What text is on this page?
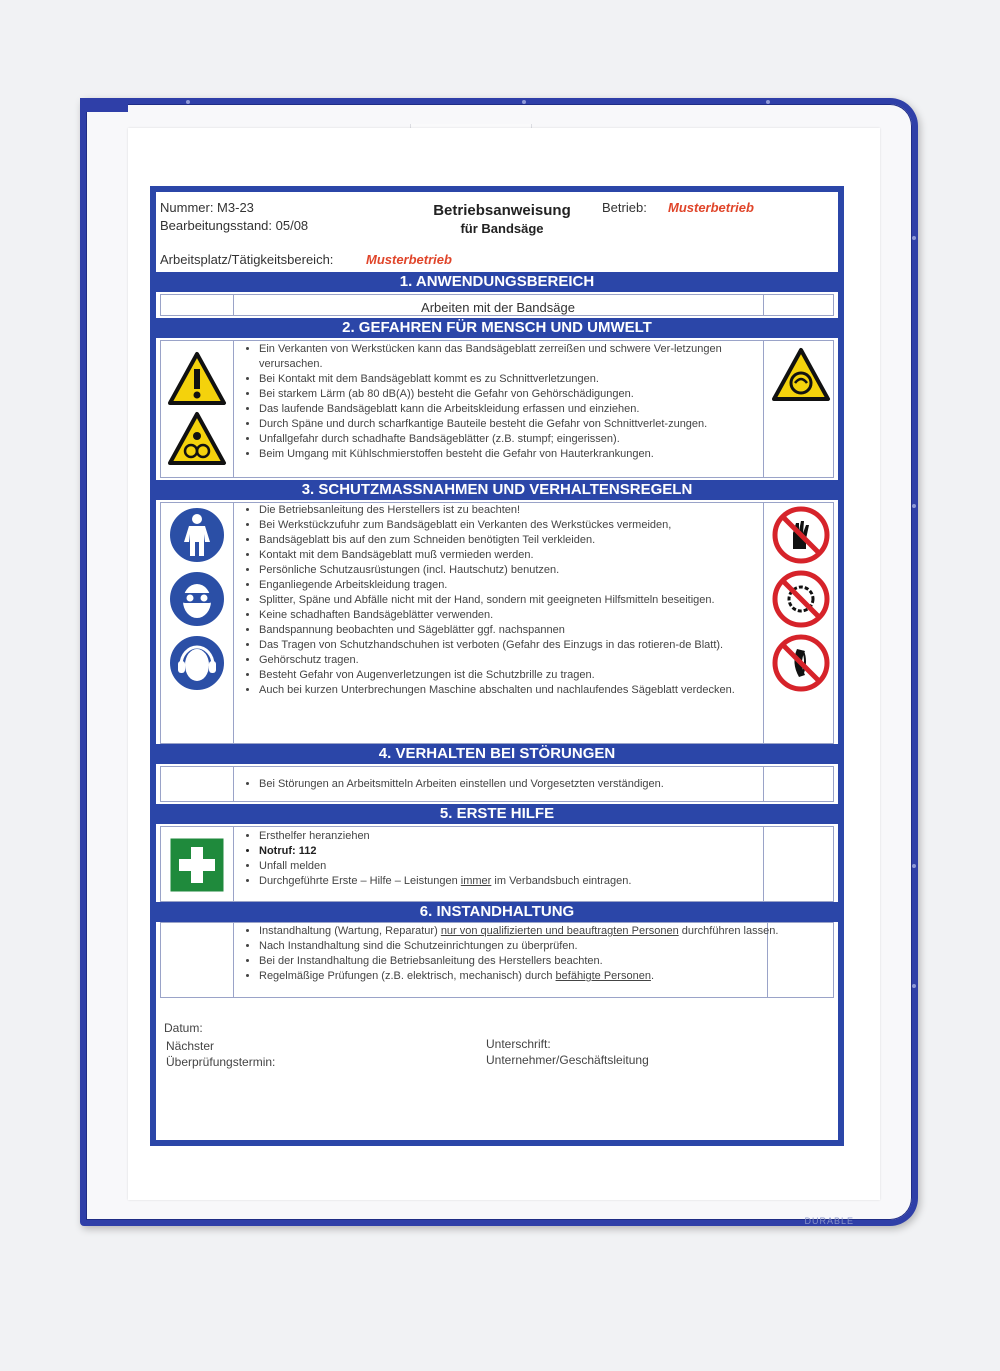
DURABLE
Nummer: M3-23
Bearbeitungsstand: 05/08
Betriebsanweisung
für Bandsäge
Betrieb: Musterbetrieb
Arbeitsplatz/Tätigkeitsbereich:	Musterbetrieb
1. ANWENDUNGSBEREICH
Arbeiten mit der Bandsäge
2. GEFAHREN FÜR MENSCH UND UMWELT
• Ein Verkanten von Werkstücken kann das Bandsägeblatt zerreißen und schwere Ver-letzungen verursachen.
• Bei Kontakt mit dem Bandsägeblatt kommt es zu Schnittverletzungen.
• Bei starkem Lärm (ab 80 dB(A)) besteht die Gefahr von Gehörschädigungen.
• Das laufende Bandsägeblatt kann die Arbeitskleidung erfassen und einziehen.
• Durch Späne und durch scharfkantige Bauteile besteht die Gefahr von Schnittverlet-zungen.
• Unfallgefahr durch schadhafte Bandsägeblätter (z.B. stumpf; eingerissen).
• Beim Umgang mit Kühlschmierstoffen besteht die Gefahr von Hauterkrankungen.
3. SCHUTZMASSNAHMEN UND VERHALTENSREGELN
• Die Betriebsanleitung des Herstellers ist zu beachten!
• Bei Werkstückzufuhr zum Bandsägeblatt ein Verkanten des Werkstückes vermeiden,
• Bandsägeblatt bis auf den zum Schneiden benötigten Teil verkleiden.
• Kontakt mit dem Bandsägeblatt muß vermieden werden.
• Persönliche Schutzausrüstungen (incl. Hautschutz) benutzen.
• Enganliegende Arbeitskleidung tragen.
• Splitter, Späne und Abfälle nicht mit der Hand, sondern mit geeigneten Hilfsmitteln beseitigen.
• Keine schadhaften Bandsägeblätter verwenden.
• Bandspannung beobachten und Sägeblätter ggf. nachspannen
• Das Tragen von Schutzhandschuhen ist verboten (Gefahr des Einzugs in das rotieren-de Blatt).
• Gehörschutz tragen.
• Besteht Gefahr von Augenverletzungen ist die Schutzbrille zu tragen.
• Auch bei kurzen Unterbrechungen Maschine abschalten und nachlaufendes Sägeblatt verdecken.
4. VERHALTEN BEI STÖRUNGEN
• Bei Störungen an Arbeitsmitteln Arbeiten einstellen und Vorgesetzten verständigen.
5. ERSTE HILFE
• Ersthelfer heranziehen
• Notruf: 112
• Unfall melden
• Durchgeführte Erste – Hilfe – Leistungen immer im Verbandsbuch eintragen.
6. INSTANDHALTUNG
• Instandhaltung (Wartung, Reparatur) nur von qualifizierten und beauftragten Personen durchführen lassen.
• Nach Instandhaltung sind die Schutzeinrichtungen zu überprüfen.
• Bei der Instandhaltung die Betriebsanleitung des Herstellers beachten.
• Regelmäßige Prüfungen (z.B. elektrisch, mechanisch) durch befähigte Personen.
Datum:
Nächster
Überprüfungstermin:
Unterschrift:
Unternehmer/Geschäftsleitung
